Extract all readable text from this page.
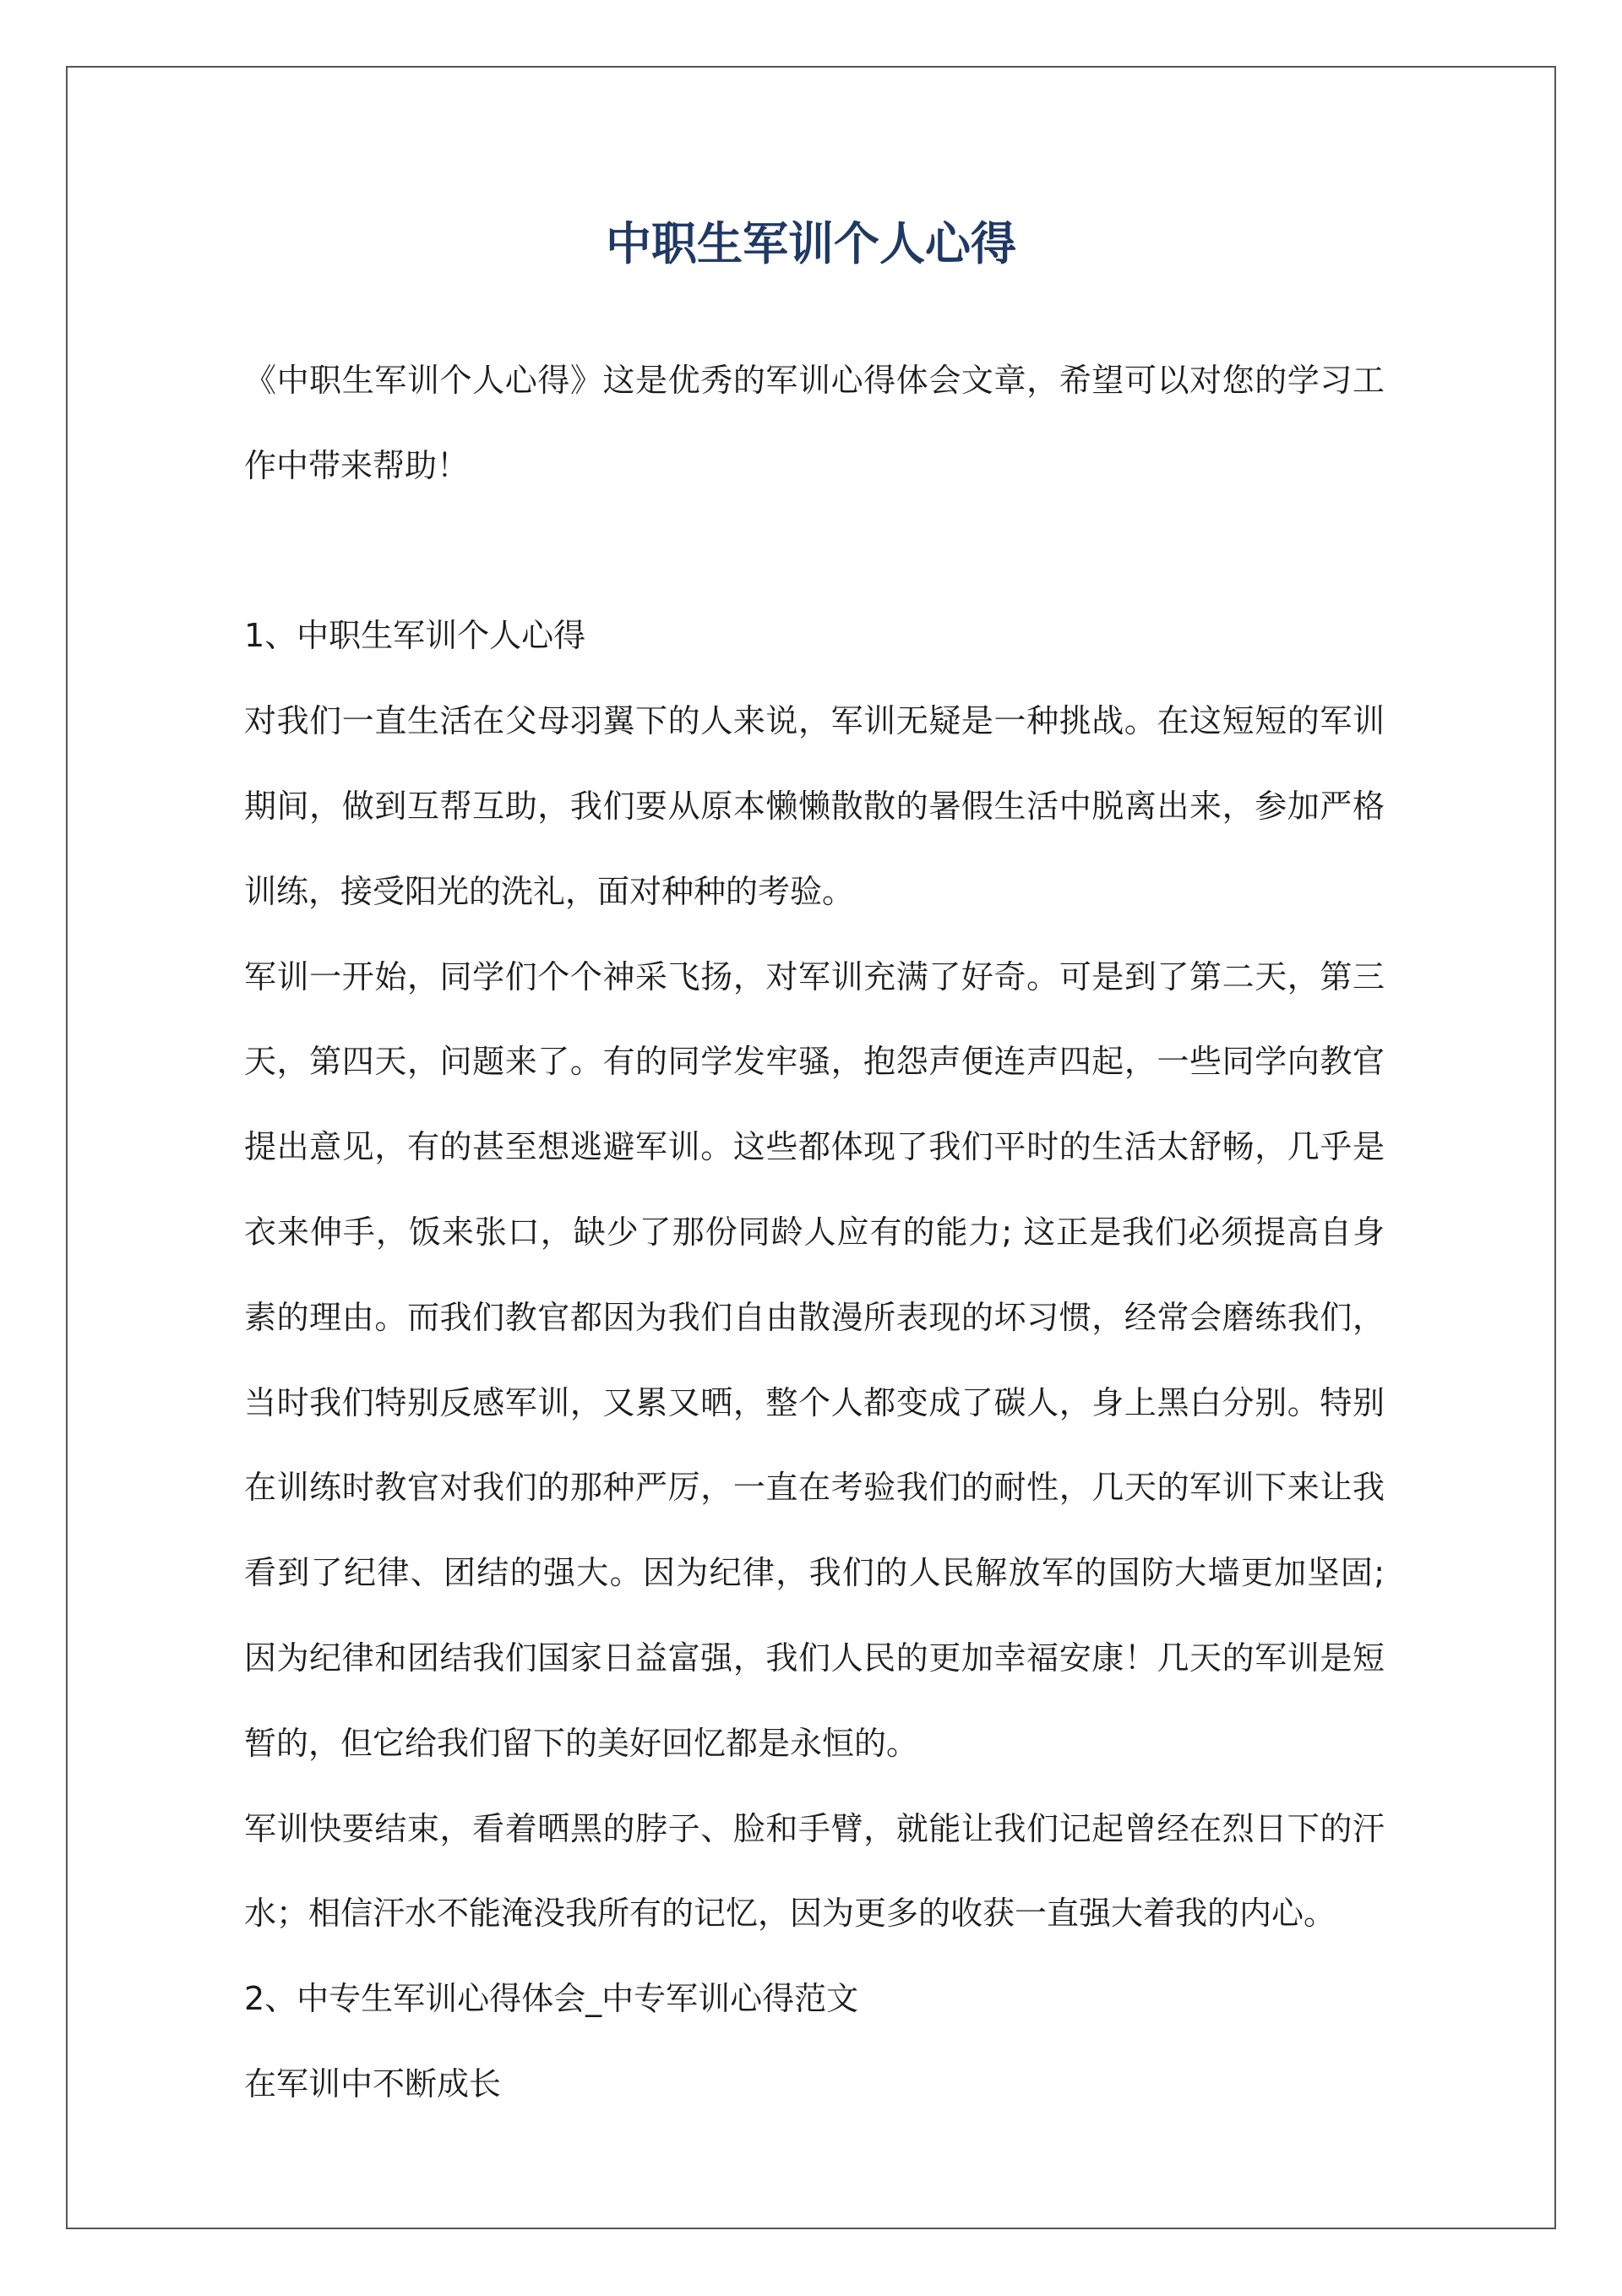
中职生军训个人心得

《中职生军训个人心得》这是优秀的军训心得体会文章，希望可以对您的学习工作中带来帮助！

1、中职生军训个人心得

对我们一直生活在父母羽翼下的人来说，军训无疑是一种挑战。在这短短的军训期间，做到互帮互助，我们要从原本懒懒散散的暑假生活中脱离出来，参加严格训练，接受阳光的洗礼，面对种种的考验。

军训一开始，同学们个个神采飞扬，对军训充满了好奇。可是到了第二天，第三天，第四天，问题来了。有的同学发牢骚，抱怨声便连声四起，一些同学向教官提出意见，有的甚至想逃避军训。这些都体现了我们平时的生活太舒畅，几乎是衣来伸手，饭来张口，缺少了那份同龄人应有的能力; 这正是我们必须提高自身素的理由。而我们教官都因为我们自由散漫所表现的坏习惯，经常会磨练我们，当时我们特别反感军训，又累又晒，整个人都变成了碳人，身上黑白分别。特别在训练时教官对我们的那种严厉，一直在考验我们的耐性，几天的军训下来让我看到了纪律、团结的强大。因为纪律，我们的人民解放军的国防大墙更加坚固; 因为纪律和团结我们国家日益富强，我们人民的更加幸福安康！几天的军训是短暂的，但它给我们留下的美好回忆都是永恒的。

军训快要结束，看着晒黑的脖子、脸和手臂，就能让我们记起曾经在烈日下的汗水；相信汗水不能淹没我所有的记忆，因为更多的收获一直强大着我的内心。

2、中专生军训心得体会_中专军训心得范文

在军训中不断成长
